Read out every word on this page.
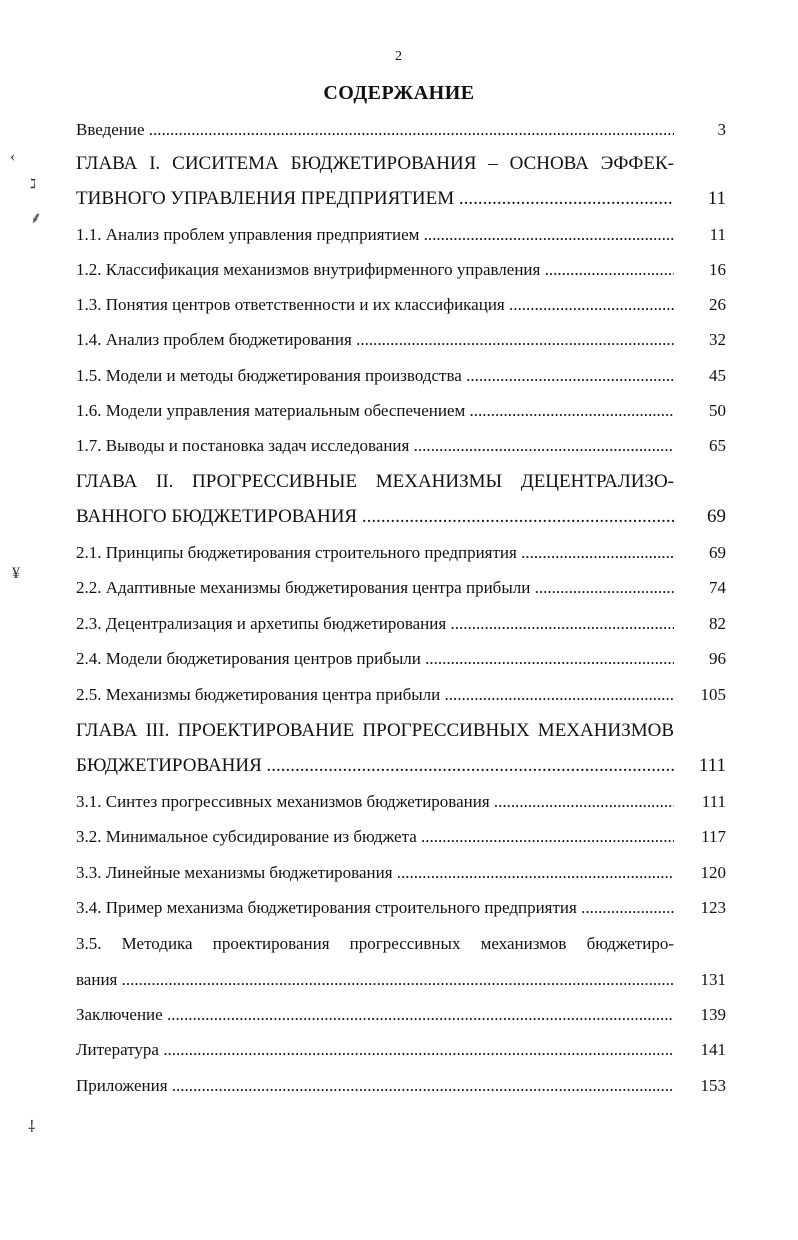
2
СОДЕРЖАНИЕ
‹
ℷ
⸙
¥
⸸
Введение .....	3
ГЛАВА I. СИСИТЕМА БЮДЖЕТИРОВАНИЯ – ОСНОВА ЭФФЕК-
ТИВНОГО УПРАВЛЕНИЯ ПРЕДПРИЯТИЕМ .....	11
1.1. Анализ проблем управления предприятием .....	11
1.2. Классификация механизмов внутрифирменного управления .....	16
1.3. Понятия центров ответственности и их классификация .....	26
1.4. Анализ проблем бюджетирования .....	32
1.5. Модели и методы бюджетирования производства .....	45
1.6. Модели управления материальным обеспечением .....	50
1.7. Выводы и постановка задач исследования .....	65
ГЛАВА II. ПРОГРЕССИВНЫЕ МЕХАНИЗМЫ ДЕЦЕНТРАЛИЗО-
ВАННОГО БЮДЖЕТИРОВАНИЯ .....	69
2.1. Принципы бюджетирования строительного предприятия .....	69
2.2. Адаптивные механизмы бюджетирования центра прибыли .....	74
2.3. Децентрализация и архетипы бюджетирования .....	82
2.4. Модели бюджетирования центров прибыли .....	96
2.5. Механизмы бюджетирования центра прибыли .....	105
ГЛАВА III. ПРОЕКТИРОВАНИЕ ПРОГРЕССИВНЫХ МЕХАНИЗМОВ
БЮДЖЕТИРОВАНИЯ .....	111
3.1. Синтез прогрессивных механизмов бюджетирования .....	111
3.2. Минимальное субсидирование из бюджета .....	117
3.3. Линейные механизмы бюджетирования .....	120
3.4. Пример механизма бюджетирования строительного предприятия .....	123
3.5. Методика проектирования прогрессивных механизмов бюджетиро-
вания .....	131
Заключение .....	139
Литература .....	141
Приложения .....	153
